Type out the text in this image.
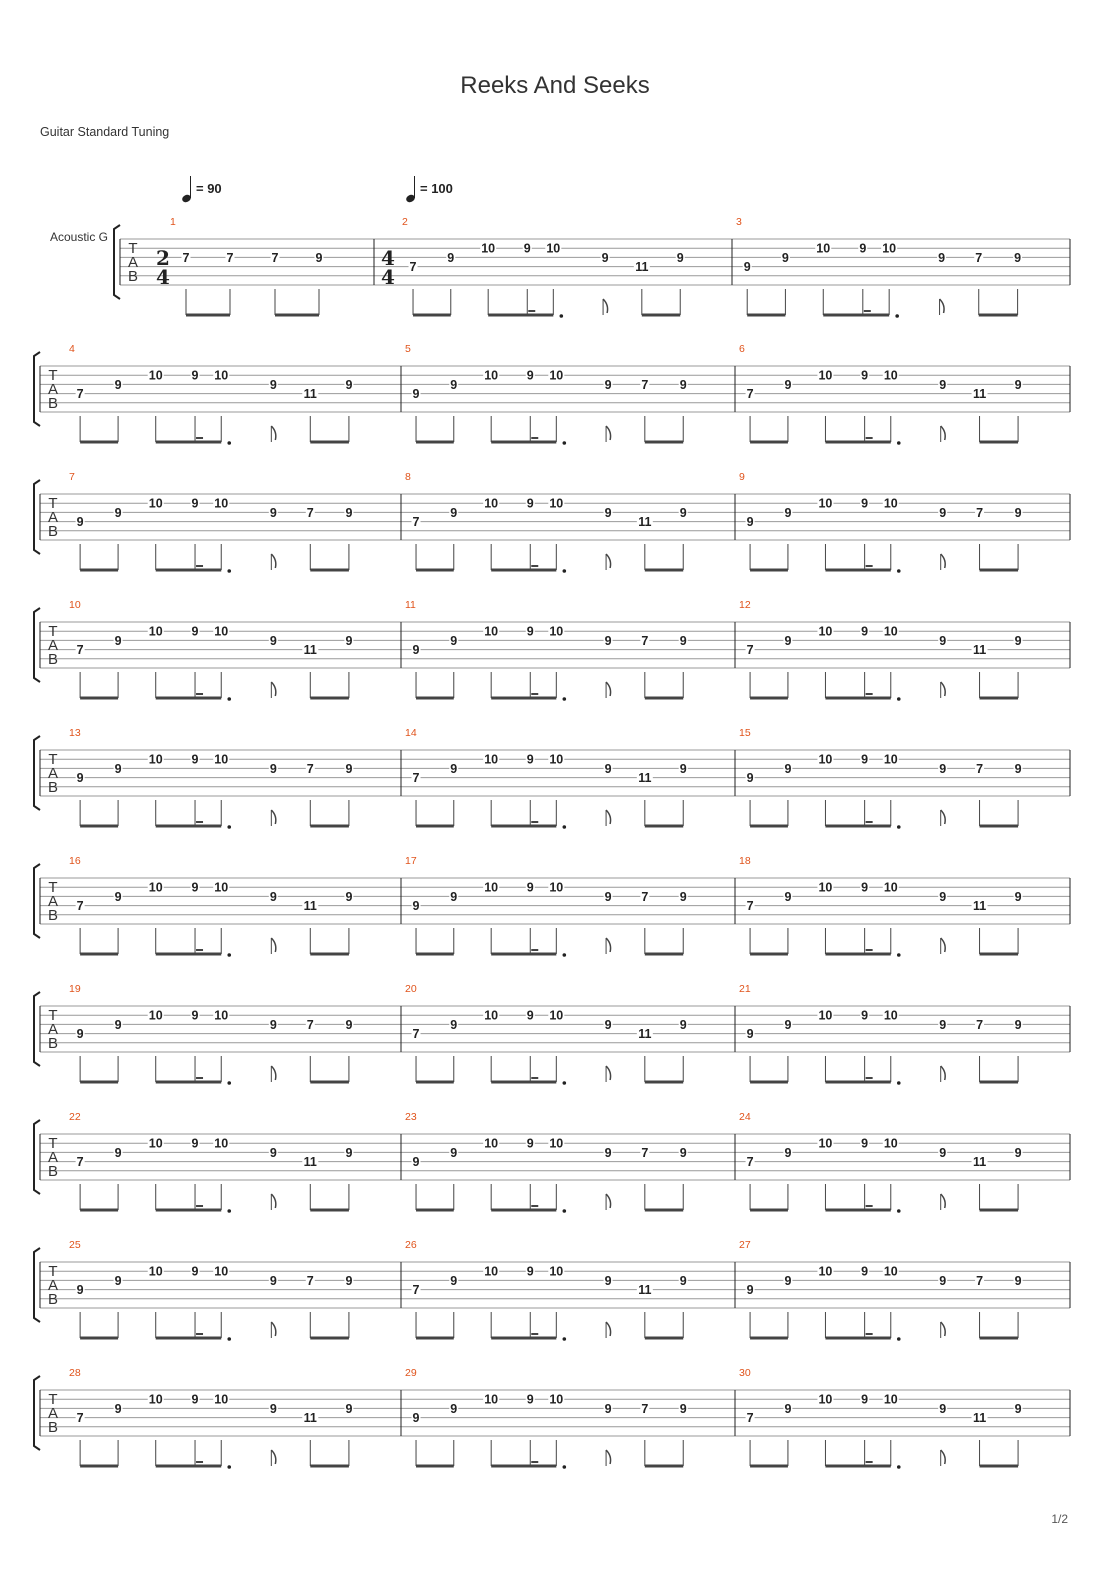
Reeks And Seeks
Guitar Standard Tuning
Acoustic G
= 90	= 100
T
A
B
2
4
1
7	7	7	9	4
4
2
7
9
10 9 10
9
11
9
3
9
9
10 9 10
9 7	9
T
A
B
4
7
9
10 9 10
9
11
9
5
9
9
10 9 10
9 7	9
6
7
9
10 9 10
9
11
9
T
A
B
7
9
9
10 9 10
9 7	9
8
7
9
10 9 10
9
11
9
9
9
9
10 9 10
9 7	9
T
A
B
10
7
9
10 9 10
9
11
9
11
9
9
10 9 10
9 7	9
12
7
9
10 9 10
9
11
9
T
A
B
13
9
9
10 9 10
9 7	9
14
7
9
10 9 10
9
11
9
15
9
9
10 9 10
9 7	9
T
A
B
16
7
9
10 9 10
9
11
9
17
9
9
10 9 10
9 7	9
18
7
9
10 9 10
9
11
9
T
A
B
19
9
9
10 9 10
9 7	9
20
7
9
10 9 10
9
11
9
21
9
9
10 9 10
9 7	9
T
A
B
22
7
9
10 9 10
9
11
9
23
9
9
10 9 10
9 7	9
24
7
9
10 9 10
9
11
9
T
A
B
25
9
9
10 9 10
9 7	9
26
7
9
10 9 10
9
11
9
27
9
9
10 9 10
9 7	9
T
A
B
28
7
9
10 9 10
9
11
9
29
9
9
10 9 10
9 7	9
30
7
9
10 9 10
9
11
9
1/2
